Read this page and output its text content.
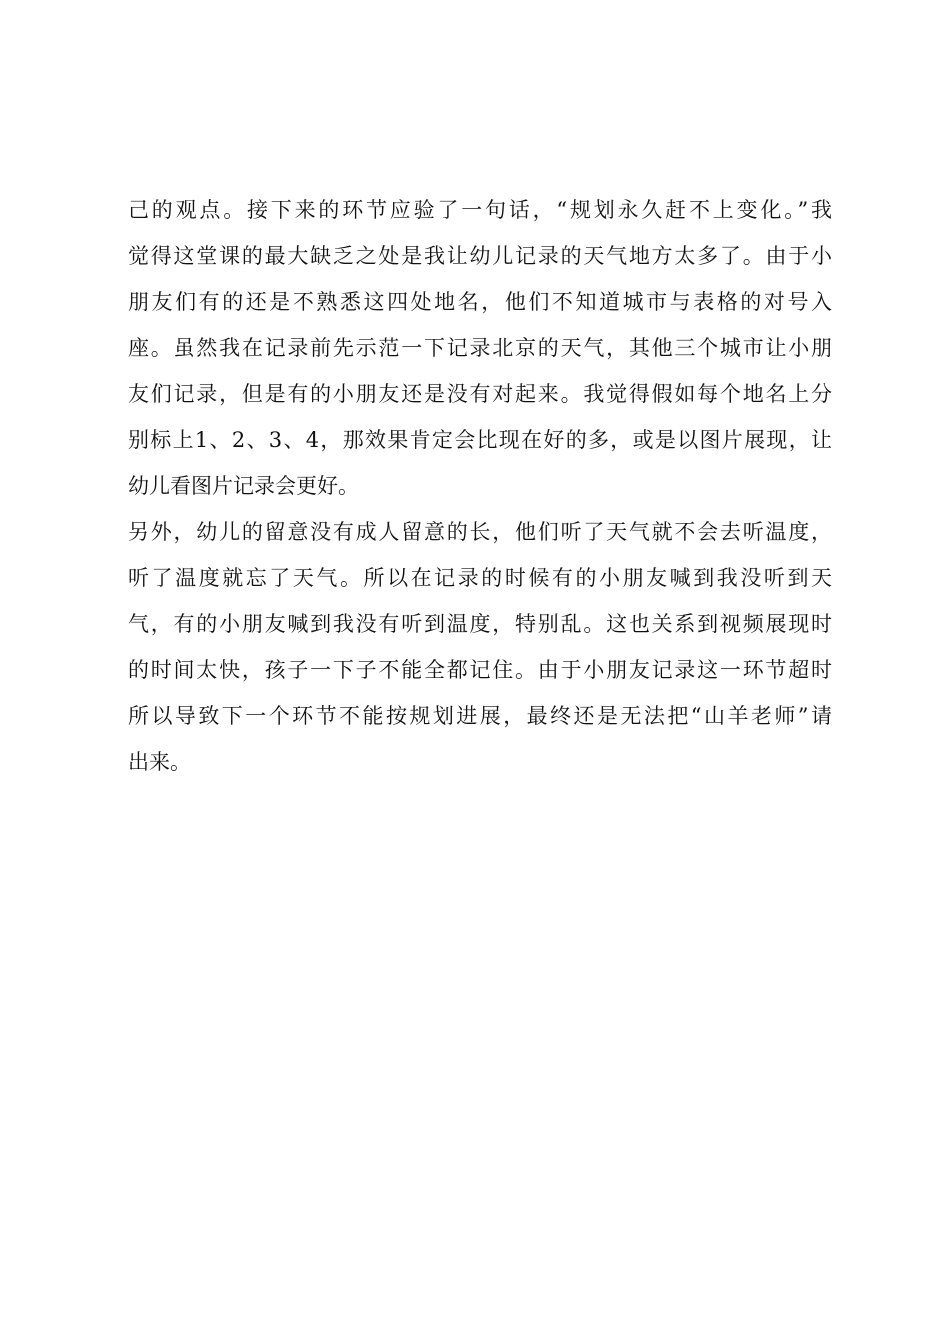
己的观点。接下来的环节应验了一句话，“规划永久赶不上变化。”我
觉得这堂课的最大缺乏之处是我让幼儿记录的天气地方太多了。由于小
朋友们有的还是不熟悉这四处地名，他们不知道城市与表格的对号入
座。虽然我在记录前先示范一下记录北京的天气，其他三个城市让小朋
友们记录，但是有的小朋友还是没有对起来。我觉得假如每个地名上分
别标上1、2、3、4，那效果肯定会比现在好的多，或是以图片展现，让
幼儿看图片记录会更好。
另外，幼儿的留意没有成人留意的长，他们听了天气就不会去听温度，
听了温度就忘了天气。所以在记录的时候有的小朋友喊到我没听到天
气，有的小朋友喊到我没有听到温度，特别乱。这也关系到视频展现时
的时间太快，孩子一下子不能全都记住。由于小朋友记录这一环节超时
所以导致下一个环节不能按规划进展，最终还是无法把“山羊老师”请
出来。
